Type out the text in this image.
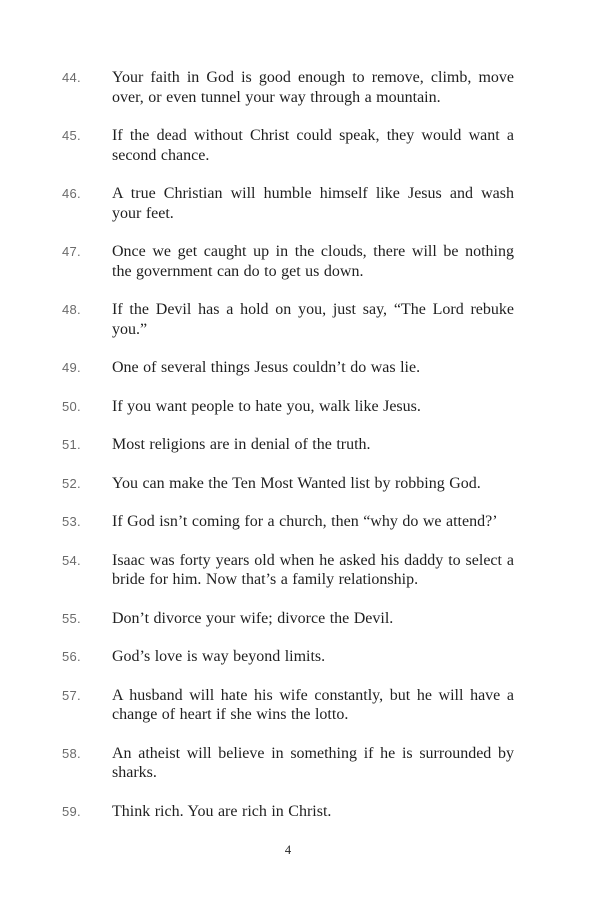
44.	Your faith in God is good enough to remove, climb, move over, or even tunnel your way through a mountain.

45.	If the dead without Christ could speak, they would want a second chance.

46.	A true Christian will humble himself like Jesus and wash your feet.

47.	Once we get caught up in the clouds, there will be nothing the government can do to get us down.

48.	If the Devil has a hold on you, just say, “The Lord rebuke you.”

49.	One of several things Jesus couldn’t do was lie.

50.	If you want people to hate you, walk like Jesus.

51.	Most religions are in denial of the truth.

52.	You can make the Ten Most Wanted list by robbing God.

53.	If God isn’t coming for a church, then “why do we attend?’

54.	Isaac was forty years old when he asked his daddy to select a bride for him. Now that’s a family relationship.

55.	Don’t divorce your wife; divorce the Devil.

56.	God’s love is way beyond limits.

57.	A husband will hate his wife constantly, but he will have a change of heart if she wins the lotto.

58.	An atheist will believe in something if he is surrounded by sharks.

59.	Think rich. You are rich in Christ.

4
